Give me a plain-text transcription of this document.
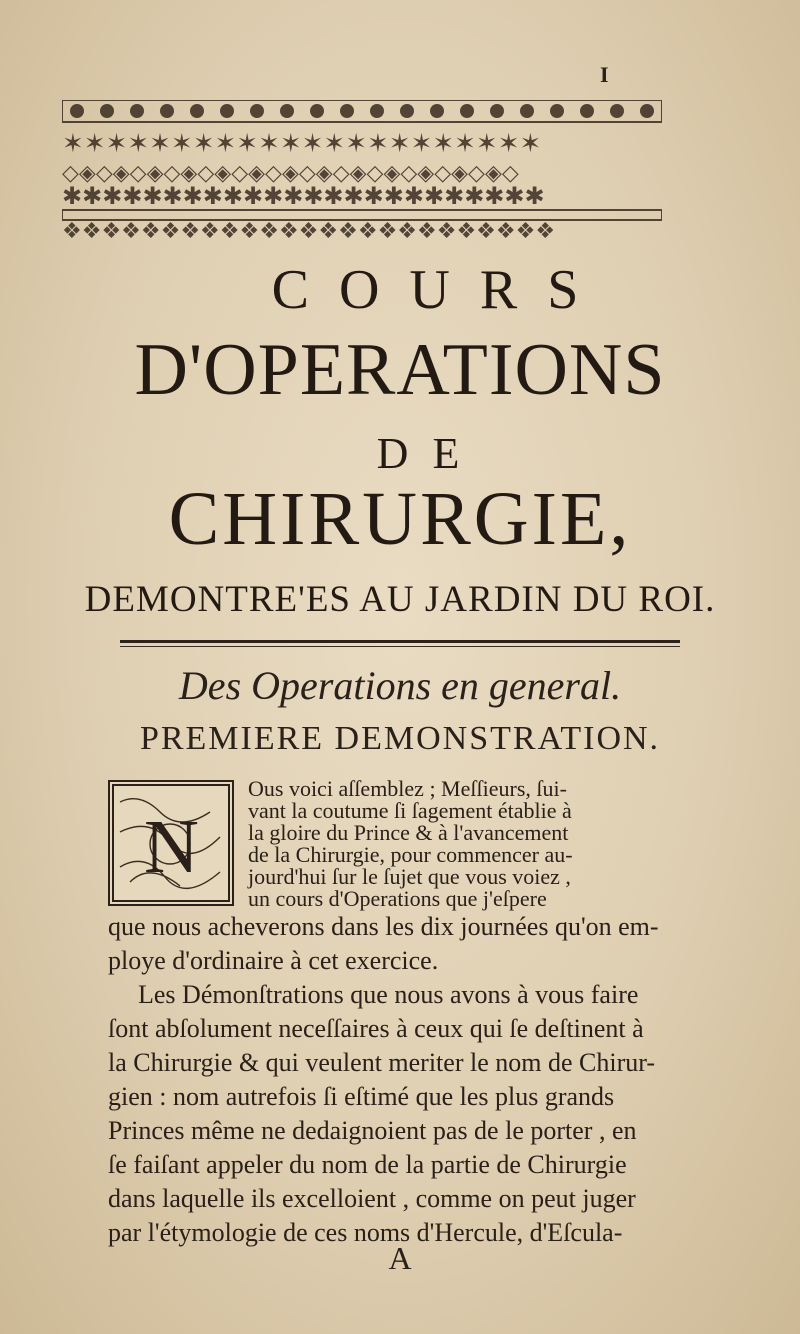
I
✶✶✶✶✶✶✶✶✶✶✶✶✶✶✶✶✶✶✶✶✶✶
◇◈◇◈◇◈◇◈◇◈◇◈◇◈◇◈◇◈◇◈◇◈◇◈◇◈◇
✱✱✱✱✱✱✱✱✱✱✱✱✱✱✱✱✱✱✱✱✱✱✱✱
❖❖❖❖❖❖❖❖❖❖❖❖❖❖❖❖❖❖❖❖❖❖❖❖❖
COURS
D'OPERATIONS
DE
CHIRURGIE,
DEMONTRE'ES AU JARDIN DU ROI.
Des Operations en general.
PREMIERE DEMONSTRATION.
N
Ous voici aſſemblez ; Meſſieurs, ſui-
vant la coutume ſi ſagement établie à
la gloire du Prince & à l'avancement
de la Chirurgie, pour commencer au-
jourd'hui ſur le ſujet que vous voiez ,
un cours d'Operations que j'eſpere
que nous acheverons dans les dix journées qu'on em-
ploye d'ordinaire à cet exercice.
Les Démonſtrations que nous avons à vous faire
ſont abſolument neceſſaires à ceux qui ſe deſtinent à
la Chirurgie & qui veulent meriter le nom de Chirur-
gien : nom autrefois ſi eſtimé que les plus grands
Princes même ne dedaignoient pas de le porter , en
ſe faiſant appeler du nom de la partie de Chirurgie
dans laquelle ils excelloient , comme on peut juger
par l'étymologie de ces noms d'Hercule, d'Eſcula-
A
